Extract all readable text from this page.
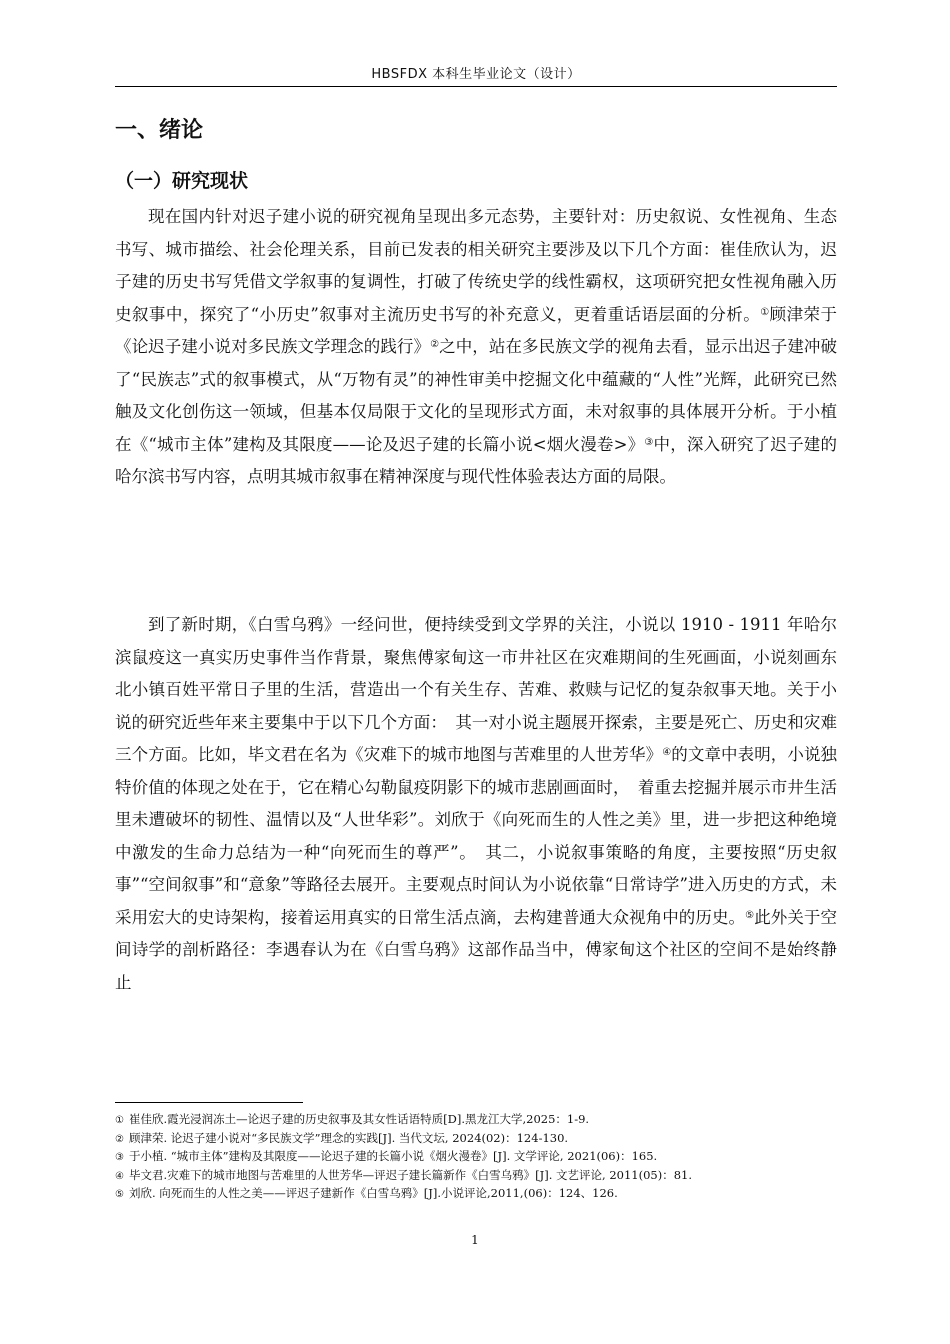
HBSFDX 本科生毕业论文（设计）
一、绪论
（一）研究现状

现在国内针对迟子建小说的研究视角呈现出多元态势，主要针对：历史叙说、女性视角、生态书写、城市描绘、社会伦理关系，目前已发表的相关研究主要涉及以下几个方面：崔佳欣认为，迟子建的历史书写凭借文学叙事的复调性，打破了传统史学的线性霸权，这项研究把女性视角融入历史叙事中，探究了“小历史”叙事对主流历史书写的补充意义，更着重话语层面的分析。①顾津荣于《论迟子建小说对多民族文学理念的践行》②之中，站在多民族文学的视角去看，显示出迟子建冲破了“民族志”式的叙事模式，从“万物有灵”的神性审美中挖掘文化中蕴藏的“人性”光辉，此研究已然触及文化创伤这一领域，但基本仅局限于文化的呈现形式方面，未对叙事的具体展开分析。于小植在《“城市主体”建构及其限度——论及迟子建的长篇小说<烟火漫卷>》③中，深入研究了迟子建的哈尔滨书写内容，点明其城市叙事在精神深度与现代性体验表达方面的局限。

到了新时期，《白雪乌鸦》一经问世，便持续受到文学界的关注，小说以 1910 - 1911 年哈尔滨鼠疫这一真实历史事件当作背景，聚焦傅家甸这一市井社区在灾难期间的生死画面，小说刻画东北小镇百姓平常日子里的生活，营造出一个有关生存、苦难、救赎与记忆的复杂叙事天地。关于小说的研究近些年来主要集中于以下几个方面：　其一对小说主题展开探索，主要是死亡、历史和灾难三个方面。比如，毕文君在名为《灾难下的城市地图与苦难里的人世芳华》④的文章中表明，小说独特价值的体现之处在于，它在精心勾勒鼠疫阴影下的城市悲剧画面时，　着重去挖掘并展示市井生活里未遭破坏的韧性、温情以及“人世华彩”。刘欣于《向死而生的人性之美》里，进一步把这种绝境中激发的生命力总结为一种“向死而生的尊严”。　其二，小说叙事策略的角度，主要按照“历史叙事”“空间叙事”和“意象”等路径去展开。主要观点时间认为小说依靠“日常诗学”进入历史的方式，未采用宏大的史诗架构，接着运用真实的日常生活点滴，去构建普通大众视角中的历史。⑤此外关于空间诗学的剖析路径：李遇春认为在《白雪乌鸦》这部作品当中，傅家甸这个社区的空间不是始终静止

① 崔佳欣.霞光浸润冻土—论迟子建的历史叙事及其女性话语特质[D].黑龙江大学,2025：1-9.

② 顾津荣. 论迟子建小说对“多民族文学”理念的实践[J]. 当代文坛, 2024(02)：124-130.

③ 于小植. “城市主体”建构及其限度——论迟子建的长篇小说《烟火漫卷》[J]. 文学评论, 2021(06)：165.

④ 毕文君.灾难下的城市地图与苦难里的人世芳华—评迟子建长篇新作《白雪乌鸦》[J]. 文艺评论, 2011(05)：81.

⑤ 刘欣. 向死而生的人性之美——评迟子建新作《白雪乌鸦》[J].小说评论,2011,(06)：124、126.

1
